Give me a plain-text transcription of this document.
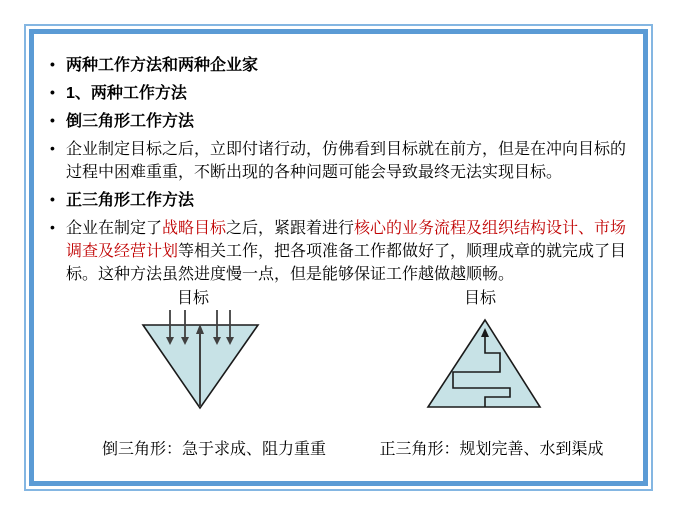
• 两种工作方法和两种企业家
• 1、两种工作方法
• 倒三角形工作方法
• 企业制定目标之后，立即付诸行动，仿佛看到目标就在前方，但是在冲向目标的过程中困难重重，不断出现的各种问题可能会导致最终无法实现目标。
• 正三角形工作方法
• 企业在制定了战略目标之后，紧跟着进行核心的业务流程及组织结构设计、市场调查及经营计划等相关工作，把各项准备工作都做好了，顺理成章的就完成了目标。这种方法虽然进度慢一点，但是能够保证工作越做越顺畅。
目标
倒三角形：急于求成、阻力重重
目标
正三角形：规划完善、水到渠成
